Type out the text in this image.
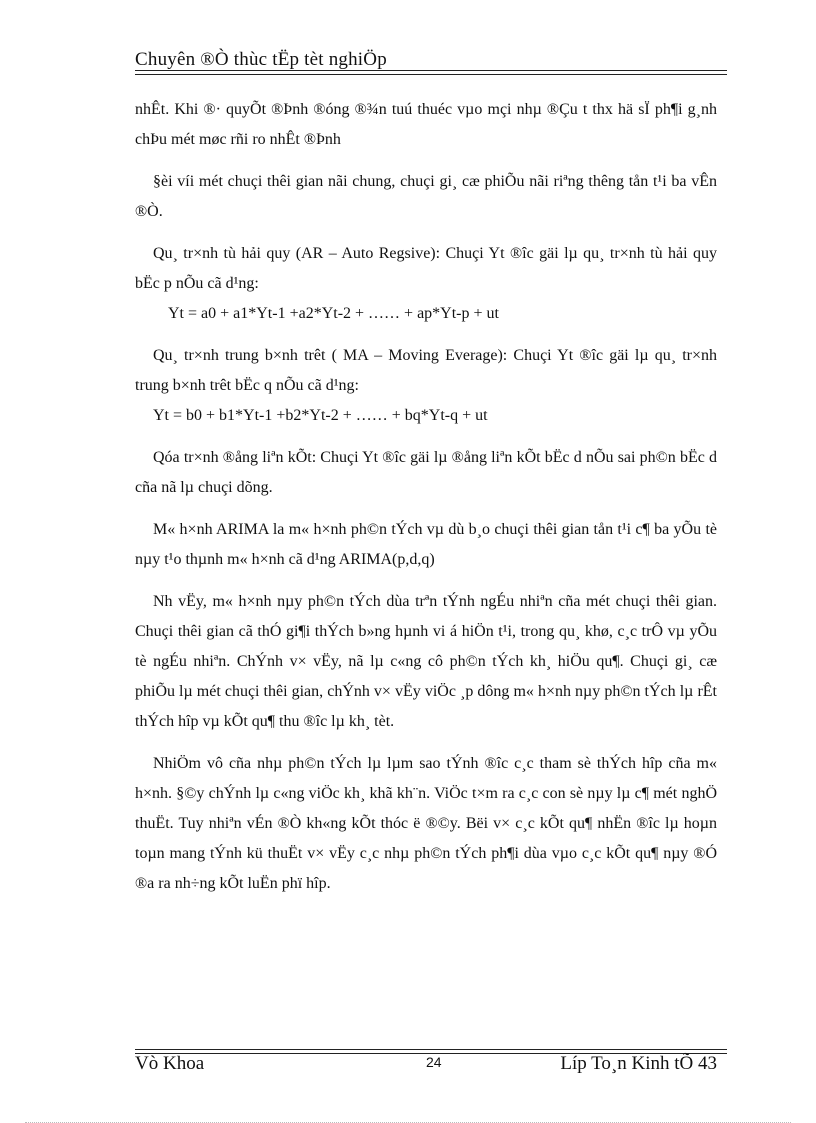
Chuyên ®Ò thùc tËp tèt nghiÖp

nhÊt. Khi ®· quyÕt ®Þnh ®óng ®¾n tuú thuéc vµo mçi nhµ ®Çu t thx hä sÏ ph¶i g¸nh chÞu mét møc rñi ro nhÊt ®Þnh

§èi víi mét chuçi thêi gian nãi chung, chuçi gi¸ cæ phiÕu nãi riªng thêng tån t¹i ba vÊn ®Ò.

Qu¸ tr×nh tù hải quy (AR – Auto Regsive): Chuçi Yt ®îc gäi lµ qu¸ tr×nh tù hải quy bËc p nÕu cã d¹ng:

Yt = a0 + a1*Yt-1 +a2*Yt-2 + …… + ap*Yt-p + ut

Qu¸ tr×nh trung b×nh trêt ( MA – Moving Everage): Chuçi Yt ®îc gäi lµ qu¸ tr×nh trung b×nh trêt bËc q nÕu cã d¹ng:

Yt = b0 + b1*Yt-1 +b2*Yt-2 + …… + bq*Yt-q + ut

Qóa tr×nh ®ång liªn kÕt: Chuçi Yt ®îc gäi lµ ®ång liªn kÕt bËc d nÕu sai ph©n bËc d cña nã lµ chuçi dõng.

M« h×nh ARIMA la m« h×nh ph©n tÝch vµ dù b¸o chuçi thêi gian tån t¹i c¶ ba yÕu tè nµy t¹o thµnh m« h×nh cã d¹ng ARIMA(p,d,q)

Nh vËy, m« h×nh nµy ph©n tÝch dùa trªn tÝnh ngÉu nhiªn cña mét chuçi thêi gian. Chuçi thêi gian cã thÓ gi¶i thÝch b»ng hµnh vi á hiÖn t¹i, trong qu¸ khø, c¸c trÔ vµ yÕu tè ngÉu nhiªn. ChÝnh v× vËy, nã lµ c«ng cô ph©n tÝch kh¸ hiÖu qu¶. Chuçi gi¸ cæ phiÕu lµ mét chuçi thêi gian, chÝnh v× vËy viÖc ¸p dông m« h×nh nµy ph©n tÝch lµ rÊt thÝch hîp vµ kÕt qu¶ thu ®îc lµ kh¸ tèt.

NhiÖm vô cña nhµ ph©n tÝch lµ lµm sao tÝnh ®îc c¸c tham sè thÝch hîp cña m« h×nh. §©y chÝnh lµ c«ng viÖc kh¸ khã kh¨n. ViÖc t×m ra c¸c con sè nµy lµ c¶ mét nghÖ thuËt. Tuy nhiªn vÉn ®Ò kh«ng kÕt thóc ë ®©y. Bëi v× c¸c kÕt qu¶ nhËn ®îc lµ hoµn toµn mang tÝnh kü thuËt v× vËy c¸c nhµ ph©n tÝch ph¶i dùa vµo c¸c kÕt qu¶ nµy ®Ó ®a ra nh÷ng kÕt luËn phï hîp.

Vò Khoa	24	Líp To¸n Kinh tÕ 43
